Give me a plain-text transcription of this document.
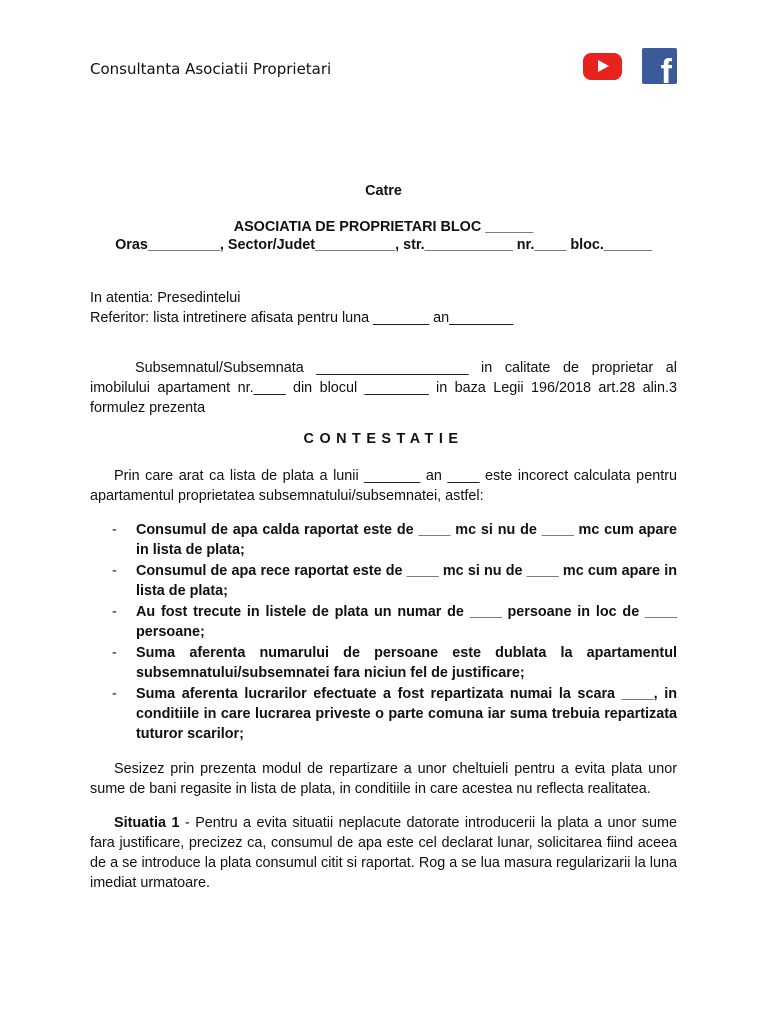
Consultanta Asociatii Proprietari	f
Catre
ASOCIATIA DE PROPRIETARI BLOC ______
Oras_________, Sector/Judet__________, str.___________ nr.____ bloc.______
In atentia: Presedintelui
Referitor: lista intretinere afisata pentru luna _______ an________
Subsemnatul/Subsemnata ___________________ in calitate de proprietar al imobilului apartament nr.____ din blocul ________ in baza Legii 196/2018 art.28 alin.3 formulez prezenta
CONTESTATIE
Prin care arat ca lista de plata a lunii _______ an ____ este incorect calculata pentru apartamentul proprietatea subsemnatului/subsemnatei, astfel:
- Consumul de apa calda raportat este de ____ mc si nu de ____ mc cum apare in lista de plata;
- Consumul de apa rece raportat este de ____ mc si nu de ____ mc cum apare in lista de plata;
- Au fost trecute in listele de plata un numar de ____ persoane in loc de ____ persoane;
- Suma aferenta numarului de persoane este dublata la apartamentul subsemnatului/subsemnatei fara niciun fel de justificare;
- Suma aferenta lucrarilor efectuate a fost repartizata numai la scara ____, in conditiile in care lucrarea priveste o parte comuna iar suma trebuia repartizata tuturor scarilor;
Sesizez prin prezenta modul de repartizare a unor cheltuieli pentru a evita plata unor sume de bani regasite in lista de plata, in conditiile in care acestea nu reflecta realitatea.
Situatia 1 - Pentru a evita situatii neplacute datorate introducerii la plata a unor sume fara justificare, precizez ca, consumul de apa este cel declarat lunar, solicitarea fiind aceea de a se introduce la plata consumul citit si raportat. Rog a se lua masura regularizarii la luna imediat urmatoare.
